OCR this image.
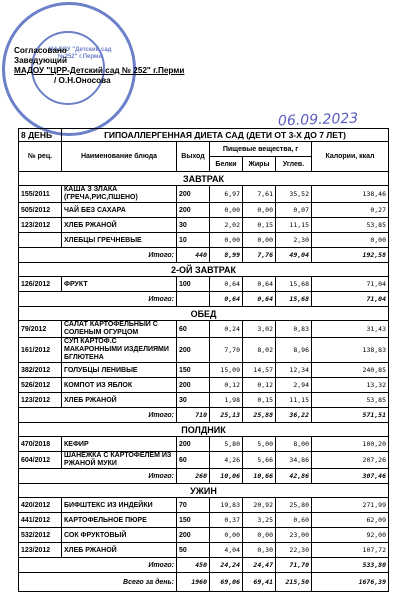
МАДОУ "Детский сад №252" г.Перми
Согласовано
Заведующий
МАДОУ "ЦРР-Детский сад № 252" г.Перми
/ О.Н.Оносова
06.09.2023
8 ДЕНЬ	ГИПОАЛЛЕРГЕННАЯ ДИЕТА САД (ДЕТИ ОТ 3-Х ДО 7 ЛЕТ)					
№ рец.	Наименование блюда	Выход	Пищевые вещества, г			Калории, ккал
			Белки	Жиры	Углев.	
ЗАВТРАК						
155/2011	КАША З ЗЛАКА (ГРЕЧА,РИС,ПШЕНО)	200	6,97	7,61	35,52	138,46
505/2012	ЧАЙ БЕЗ САХАРА	200	0,00	0,00	0,07	0,27
123/2012	ХЛЕБ РЖАНОЙ	30	2,02	0,15	11,15	53,85
	ХЛЕБЦЫ ГРЕЧНЕВЫЕ	10	0,00	0,00	2,30	0,00
Итого:		440	8,99	7,76	49,04	192,58
2-ОЙ ЗАВТРАК						
126/2012	ФРУКТ	100	0,64	0,64	15,68	71,04
Итого:			0,64	0,64	15,68	71,04
ОБЕД						
79/2012	САЛАТ КАРТОФЕЛЬНЫЙ С СОЛЕНЫМ ОГУРЦОМ	60	0,24	3,02	0,83	31,43
161/2012	СУП КАРТОФ.С МАКАРОННЫМИ ИЗДЕЛИЯМИ БГЛЮТЕНА	200	7,70	8,02	8,96	138,83
382/2012	ГОЛУБЦЫ ЛЕНИВЫЕ	150	15,09	14,57	12,34	240,85
526/2012	КОМПОТ ИЗ ЯБЛОК	200	0,12	0,12	2,94	13,32
123/2012	ХЛЕБ РЖАНОЙ	30	1,98	0,15	11,15	53,85
Итого:		710	25,13	25,88	36,22	571,51
ПОЛДНИК						
470/2018	КЕФИР	200	5,80	5,00	8,00	100,20
604/2012	ШАНЕЖКА С КАРТОФЕЛЕМ ИЗ РЖАНОЙ МУКИ	60	4,26	5,66	34,86	207,26
Итого:		260	10,06	10,66	42,86	307,46
УЖИН						
420/2012	БИФШТЕКС ИЗ ИНДЕЙКИ	70	19,83	20,92	25,80	271,99
441/2012	КАРТОФЕЛЬНОЕ ПЮРЕ	150	0,37	3,25	0,60	62,09
532/2012	СОК ФРУКТОВЫЙ	200	0,00	0,00	23,00	92,00
123/2012	ХЛЕБ РЖАНОЙ	50	4,04	0,30	22,30	107,72
Итого:		450	24,24	24,47	71,70	533,80
Всего за день:		1960	69,06	69,41	215,50	1676,39
